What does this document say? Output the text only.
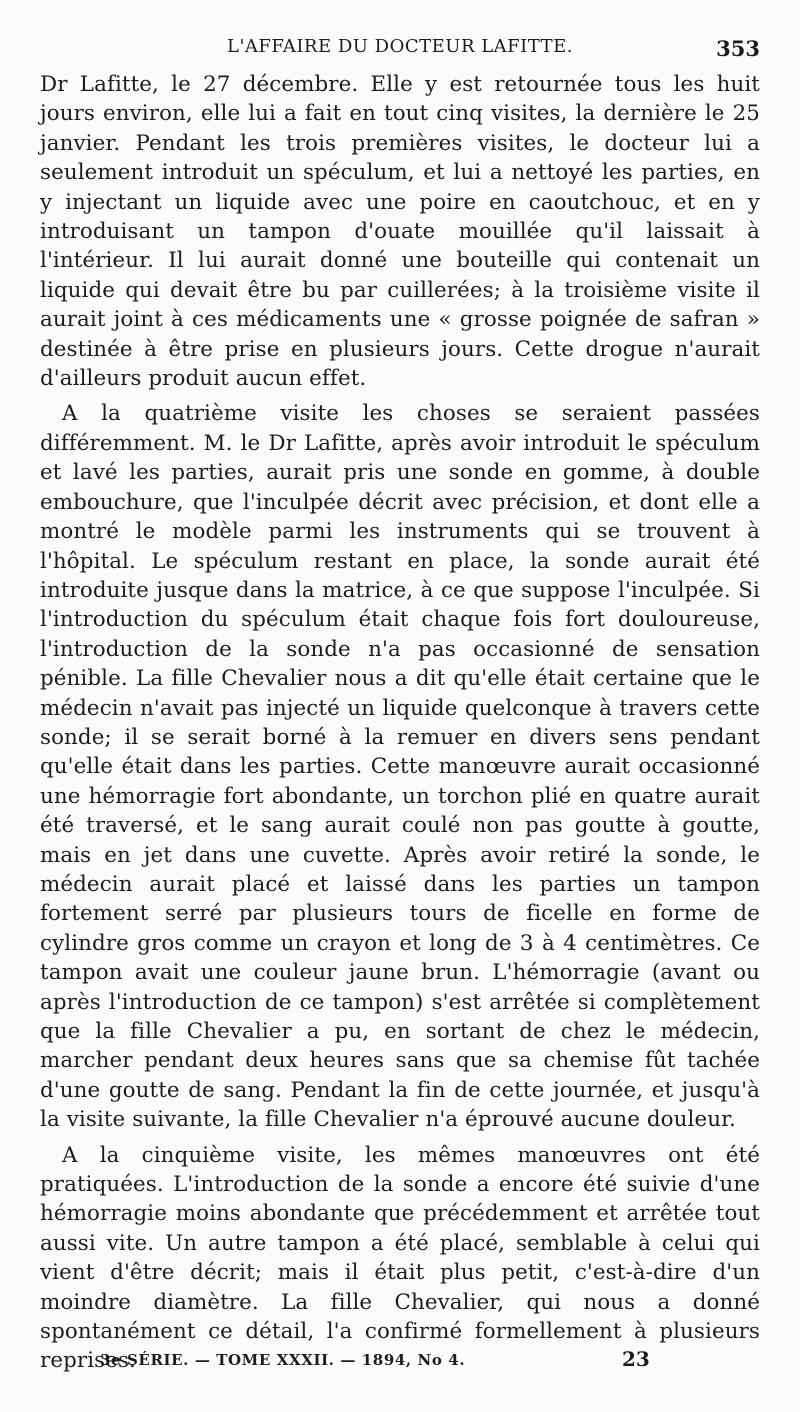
L'AFFAIRE DU DOCTEUR LAFITTE.	353

Dr Lafitte, le 27 décembre. Elle y est retournée tous les huit jours environ, elle lui a fait en tout cinq visites, la dernière le 25 janvier. Pendant les trois premières visites, le docteur lui a seulement introduit un spéculum, et lui a nettoyé les parties, en y injectant un liquide avec une poire en caoutchouc, et en y introduisant un tampon d'ouate mouillée qu'il laissait à l'intérieur. Il lui aurait donné une bouteille qui contenait un liquide qui devait être bu par cuillerées; à la troisième visite il aurait joint à ces médicaments une « grosse poignée de safran » destinée à être prise en plusieurs jours. Cette drogue n'aurait d'ailleurs produit aucun effet.

A la quatrième visite les choses se seraient passées différemment. M. le Dr Lafitte, après avoir introduit le spéculum et lavé les parties, aurait pris une sonde en gomme, à double embouchure, que l'inculpée décrit avec précision, et dont elle a montré le modèle parmi les instruments qui se trouvent à l'hôpital. Le spéculum restant en place, la sonde aurait été introduite jusque dans la matrice, à ce que suppose l'inculpée. Si l'introduction du spéculum était chaque fois fort douloureuse, l'introduction de la sonde n'a pas occasionné de sensation pénible. La fille Chevalier nous a dit qu'elle était certaine que le médecin n'avait pas injecté un liquide quelconque à travers cette sonde; il se serait borné à la remuer en divers sens pendant qu'elle était dans les parties. Cette manœuvre aurait occasionné une hémorragie fort abondante, un torchon plié en quatre aurait été traversé, et le sang aurait coulé non pas goutte à goutte, mais en jet dans une cuvette. Après avoir retiré la sonde, le médecin aurait placé et laissé dans les parties un tampon fortement serré par plusieurs tours de ficelle en forme de cylindre gros comme un crayon et long de 3 à 4 centimètres. Ce tampon avait une couleur jaune brun. L'hémorragie (avant ou après l'introduction de ce tampon) s'est arrêtée si complètement que la fille Chevalier a pu, en sortant de chez le médecin, marcher pendant deux heures sans que sa chemise fût tachée d'une goutte de sang. Pendant la fin de cette journée, et jusqu'à la visite suivante, la fille Chevalier n'a éprouvé aucune douleur.

A la cinquième visite, les mêmes manœuvres ont été pratiquées. L'introduction de la sonde a encore été suivie d'une hémorragie moins abondante que précédemment et arrêtée tout aussi vite. Un autre tampon a été placé, semblable à celui qui vient d'être décrit; mais il était plus petit, c'est-à-dire d'un moindre diamètre. La fille Chevalier, qui nous a donné spontanément ce détail, l'a confirmé formellement à plusieurs reprises.

3e SÉRIE. — TOME XXXII. — 1894, No 4.	23
